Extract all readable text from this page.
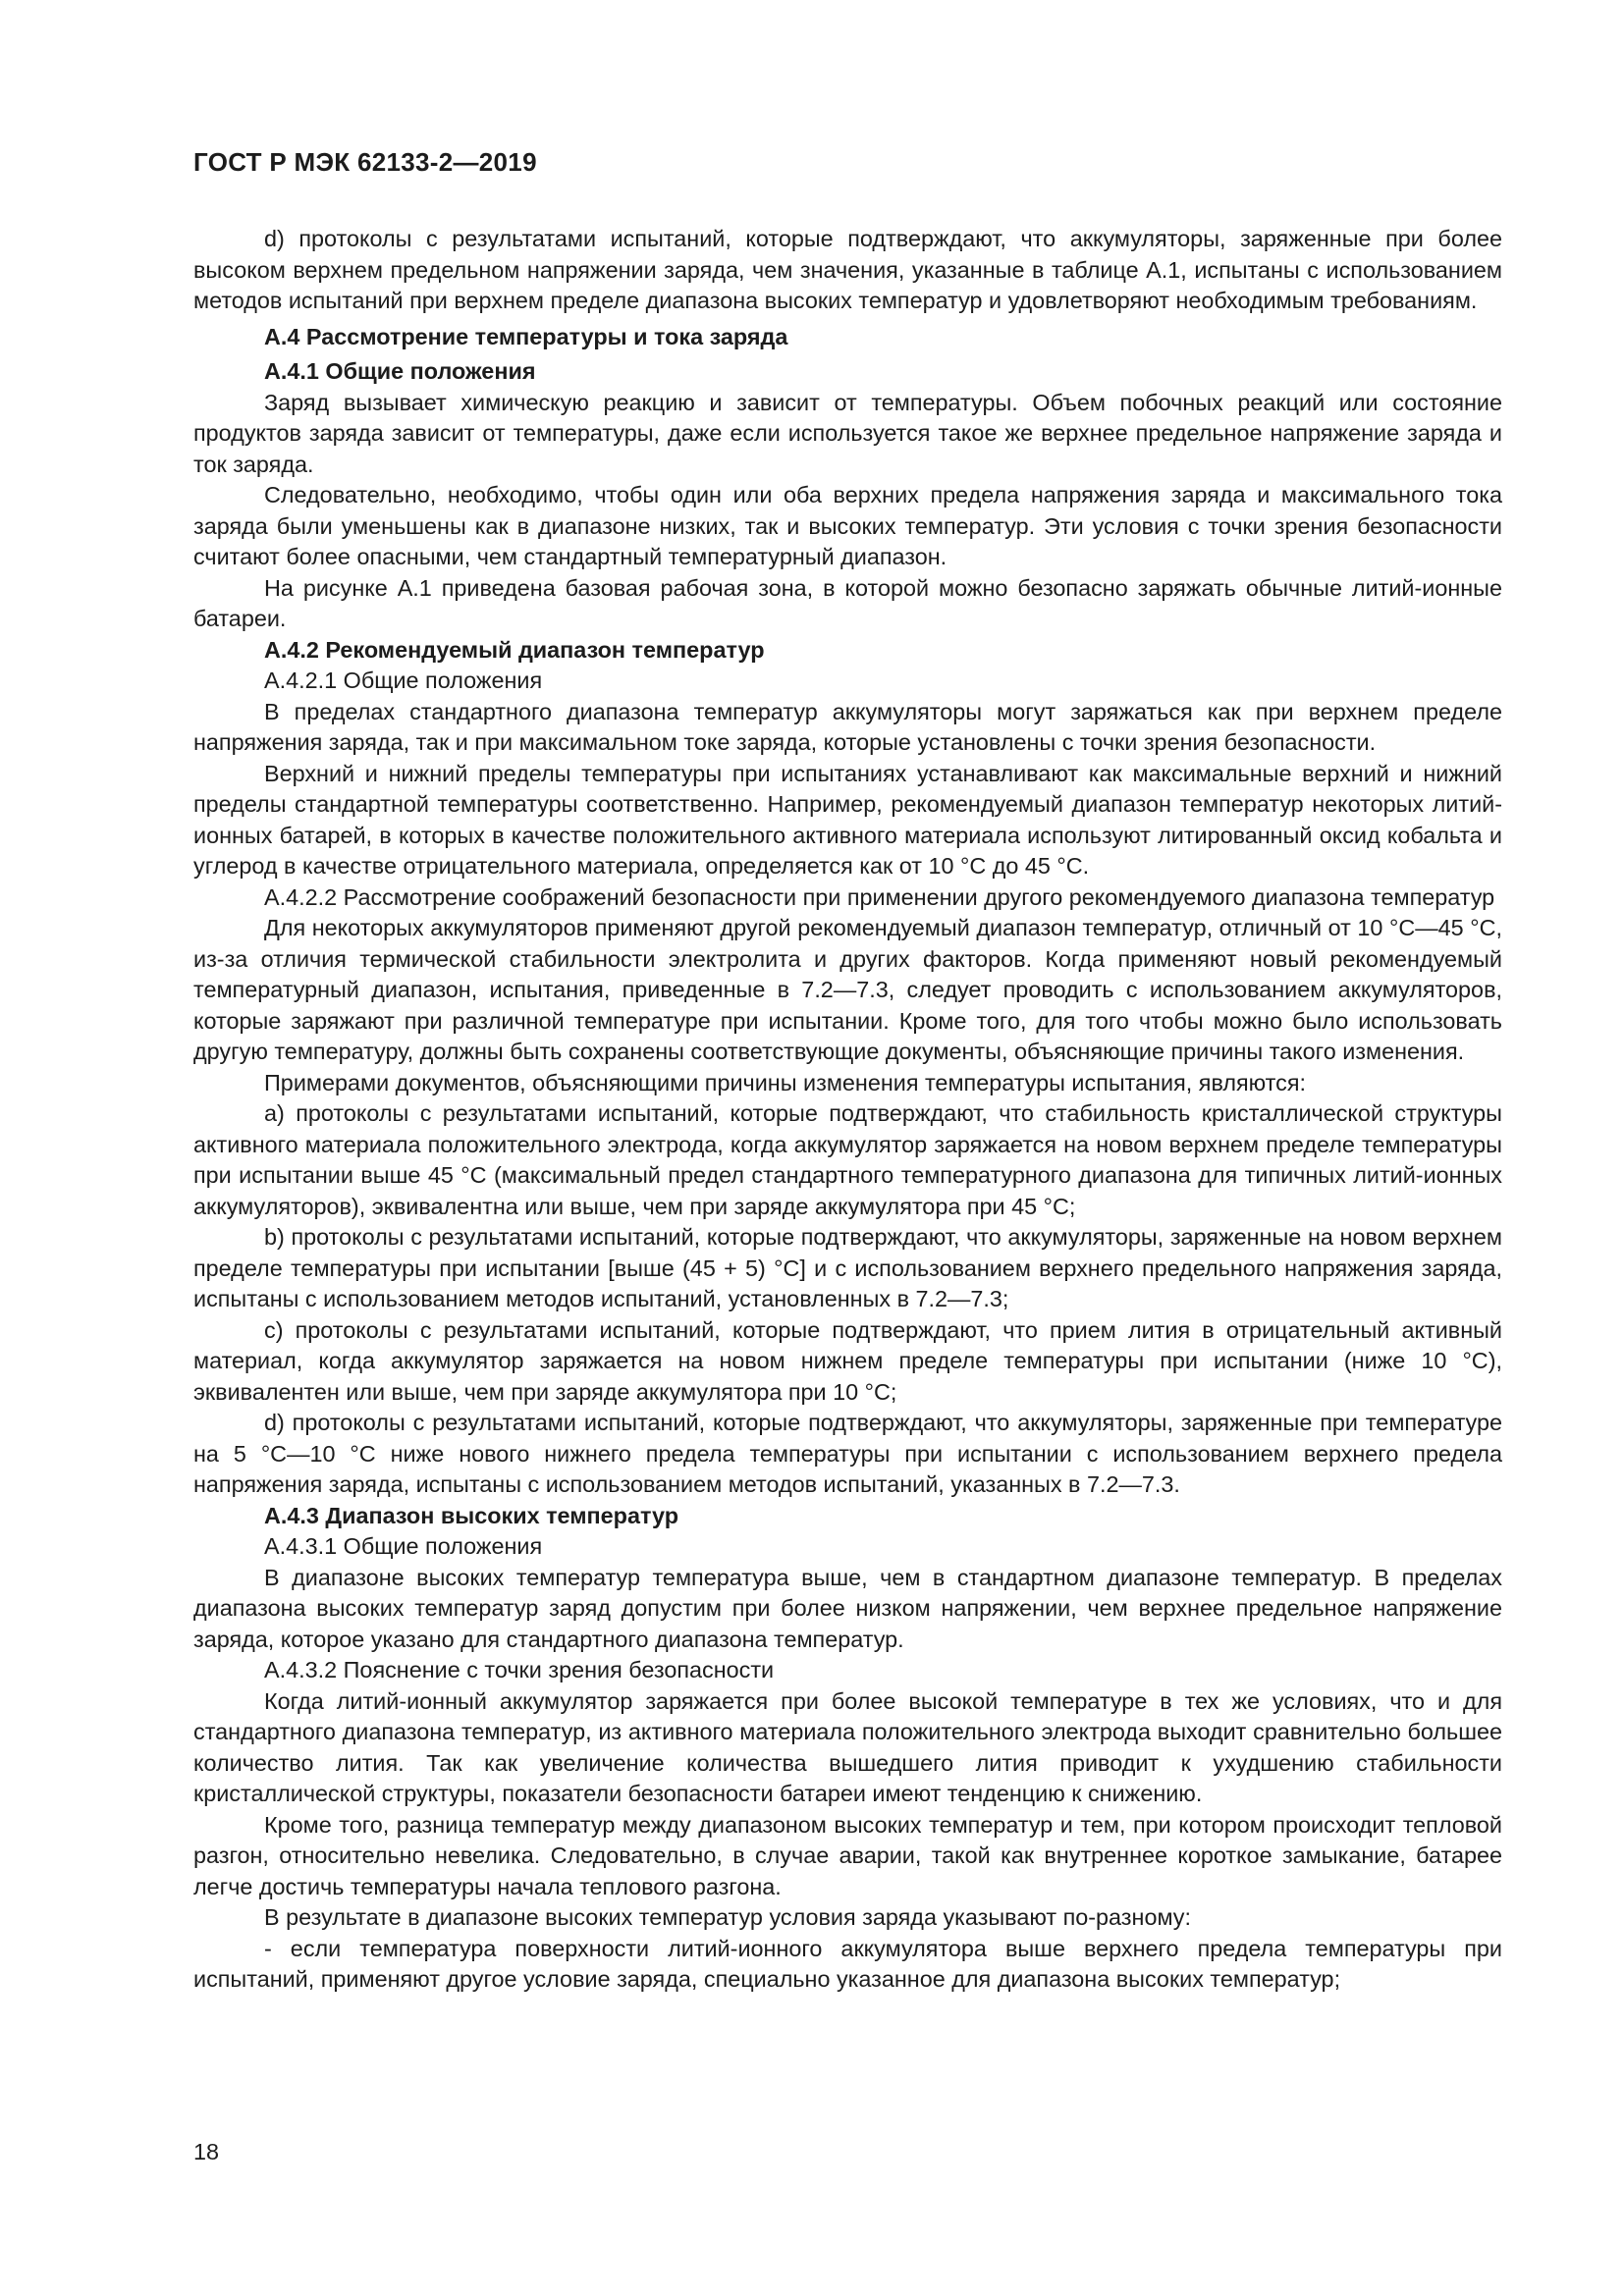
ГОСТ Р МЭК 62133-2—2019

d) протоколы с результатами испытаний, которые подтверждают, что аккумуляторы, заряженные при более высоком верхнем предельном напряжении заряда, чем значения, указанные в таблице А.1, испытаны с использованием методов испытаний при верхнем пределе диапазона высоких температур и удовлетворяют необходимым требованиям.

А.4 Рассмотрение температуры и тока заряда

А.4.1 Общие положения

Заряд вызывает химическую реакцию и зависит от температуры. Объем побочных реакций или состояние продуктов заряда зависит от температуры, даже если используется такое же верхнее предельное напряжение заряда и ток заряда.

Следовательно, необходимо, чтобы один или оба верхних предела напряжения заряда и максимального тока заряда были уменьшены как в диапазоне низких, так и высоких температур. Эти условия с точки зрения безопасности считают более опасными, чем стандартный температурный диапазон.

На рисунке А.1 приведена базовая рабочая зона, в которой можно безопасно заряжать обычные литий-ионные батареи.

А.4.2 Рекомендуемый диапазон температур

А.4.2.1 Общие положения

В пределах стандартного диапазона температур аккумуляторы могут заряжаться как при верхнем пределе напряжения заряда, так и при максимальном токе заряда, которые установлены с точки зрения безопасности.

Верхний и нижний пределы температуры при испытаниях устанавливают как максимальные верхний и нижний пределы стандартной температуры соответственно. Например, рекомендуемый диапазон температур некоторых литий-ионных батарей, в которых в качестве положительного активного материала используют литированный оксид кобальта и углерод в качестве отрицательного материала, определяется как от 10 °С до 45 °С.

А.4.2.2 Рассмотрение соображений безопасности при применении другого рекомендуемого диапазона температур

Для некоторых аккумуляторов применяют другой рекомендуемый диапазон температур, отличный от 10 °С—45 °С, из-за отличия термической стабильности электролита и других факторов. Когда применяют новый рекомендуемый температурный диапазон, испытания, приведенные в 7.2—7.3, следует проводить с использованием аккумуляторов, которые заряжают при различной температуре при испытании. Кроме того, для того чтобы можно было использовать другую температуру, должны быть сохранены соответствующие документы, объясняющие причины такого изменения.

Примерами документов, объясняющими причины изменения температуры испытания, являются:

а) протоколы с результатами испытаний, которые подтверждают, что стабильность кристаллической структуры активного материала положительного электрода, когда аккумулятор заряжается на новом верхнем пределе температуры при испытании выше 45 °С (максимальный предел стандартного температурного диапазона для типичных литий-ионных аккумуляторов), эквивалентна или выше, чем при заряде аккумулятора при 45 °С;

b) протоколы с результатами испытаний, которые подтверждают, что аккумуляторы, заряженные на новом верхнем пределе температуры при испытании [выше (45 + 5) °С] и с использованием верхнего предельного напряжения заряда, испытаны с использованием методов испытаний, установленных в 7.2—7.3;

с) протоколы с результатами испытаний, которые подтверждают, что прием лития в отрицательный активный материал, когда аккумулятор заряжается на новом нижнем пределе температуры при испытании (ниже 10 °С), эквивалентен или выше, чем при заряде аккумулятора при 10 °С;

d) протоколы с результатами испытаний, которые подтверждают, что аккумуляторы, заряженные при температуре на 5 °С—10 °С ниже нового нижнего предела температуры при испытании с использованием верхнего предела напряжения заряда, испытаны с использованием методов испытаний, указанных в 7.2—7.3.

А.4.3 Диапазон высоких температур

А.4.3.1 Общие положения

В диапазоне высоких температур температура выше, чем в стандартном диапазоне температур. В пределах диапазона высоких температур заряд допустим при более низком напряжении, чем верхнее предельное напряжение заряда, которое указано для стандартного диапазона температур.

А.4.3.2 Пояснение с точки зрения безопасности

Когда литий-ионный аккумулятор заряжается при более высокой температуре в тех же условиях, что и для стандартного диапазона температур, из активного материала положительного электрода выходит сравнительно большее количество лития. Так как увеличение количества вышедшего лития приводит к ухудшению стабильности кристаллической структуры, показатели безопасности батареи имеют тенденцию к снижению.

Кроме того, разница температур между диапазоном высоких температур и тем, при котором происходит тепловой разгон, относительно невелика. Следовательно, в случае аварии, такой как внутреннее короткое замыкание, батарее легче достичь температуры начала теплового разгона.

В результате в диапазоне высоких температур условия заряда указывают по-разному:

- если температура поверхности литий-ионного аккумулятора выше верхнего предела температуры при испытаний, применяют другое условие заряда, специально указанное для диапазона высоких температур;

18
